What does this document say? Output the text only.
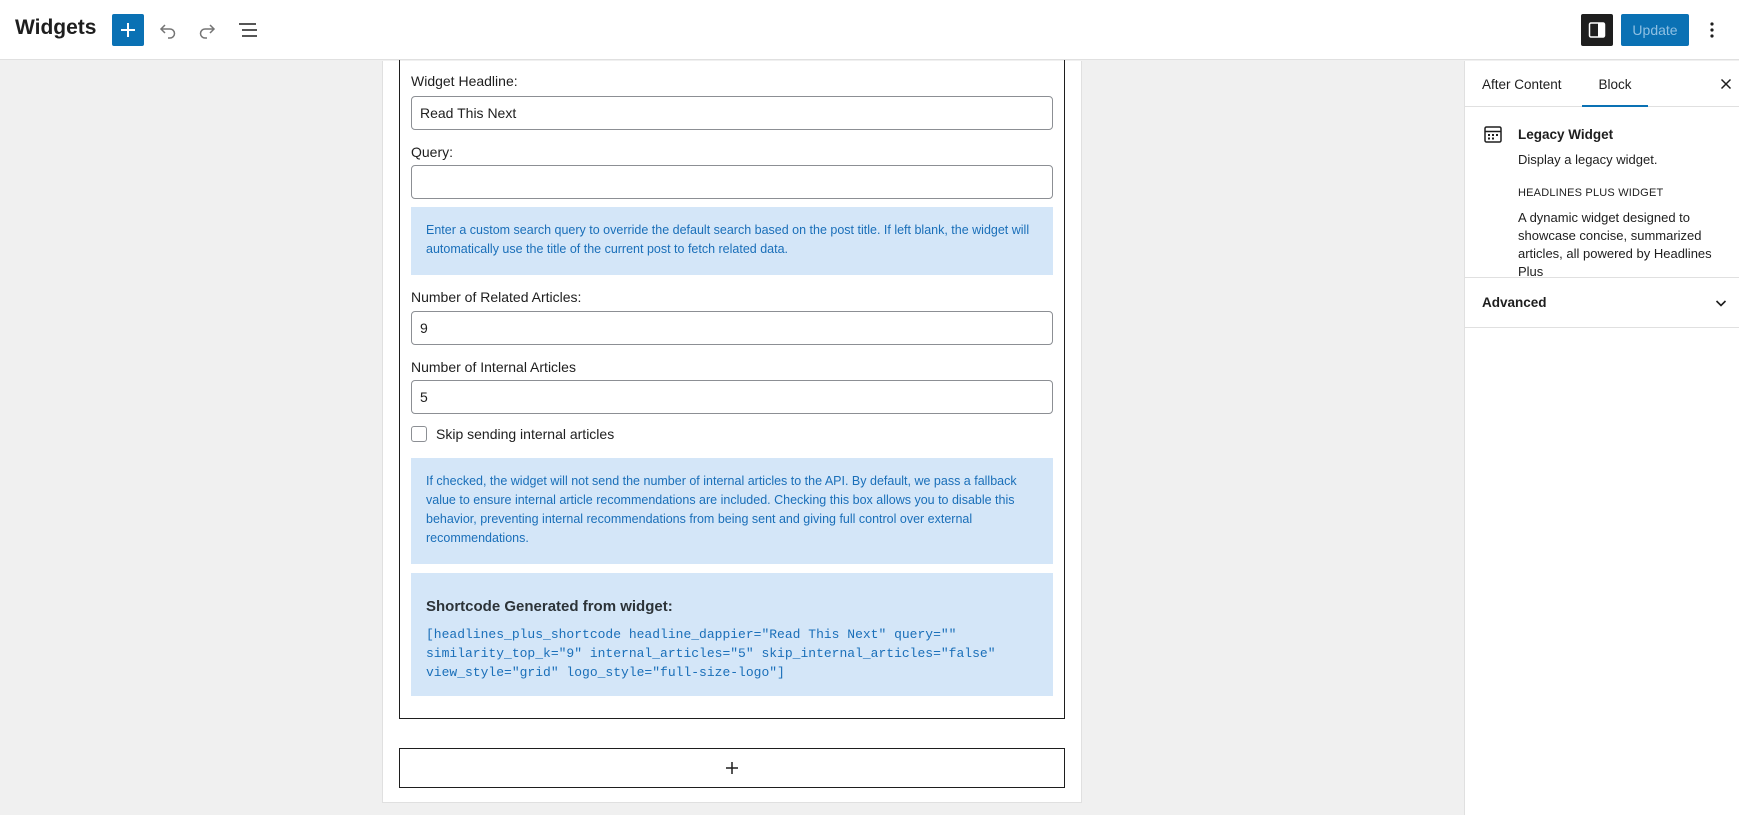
Widgets	Update
Widget Headline:
Read This Next
Query:
Enter a custom search query to override the default search based on the post title. If left blank, the widget will automatically use the title of the current post to fetch related data.
Number of Related Articles:
9
Number of Internal Articles
5
Skip sending internal articles
If checked, the widget will not send the number of internal articles to the API. By default, we pass a fallback value to ensure internal article recommendations are included. Checking this box allows you to disable this behavior, preventing internal recommendations from being sent and giving full control over external recommendations.
Shortcode Generated from widget:
[headlines_plus_shortcode headline_dappier="Read This Next" query=""
similarity_top_k="9" internal_articles="5" skip_internal_articles="false"
view_style="grid" logo_style="full-size-logo"]
After Content	Block
Legacy Widget
Display a legacy widget.
HEADLINES PLUS WIDGET
A dynamic widget designed to showcase concise, summarized articles, all powered by Headlines Plus
Advanced
